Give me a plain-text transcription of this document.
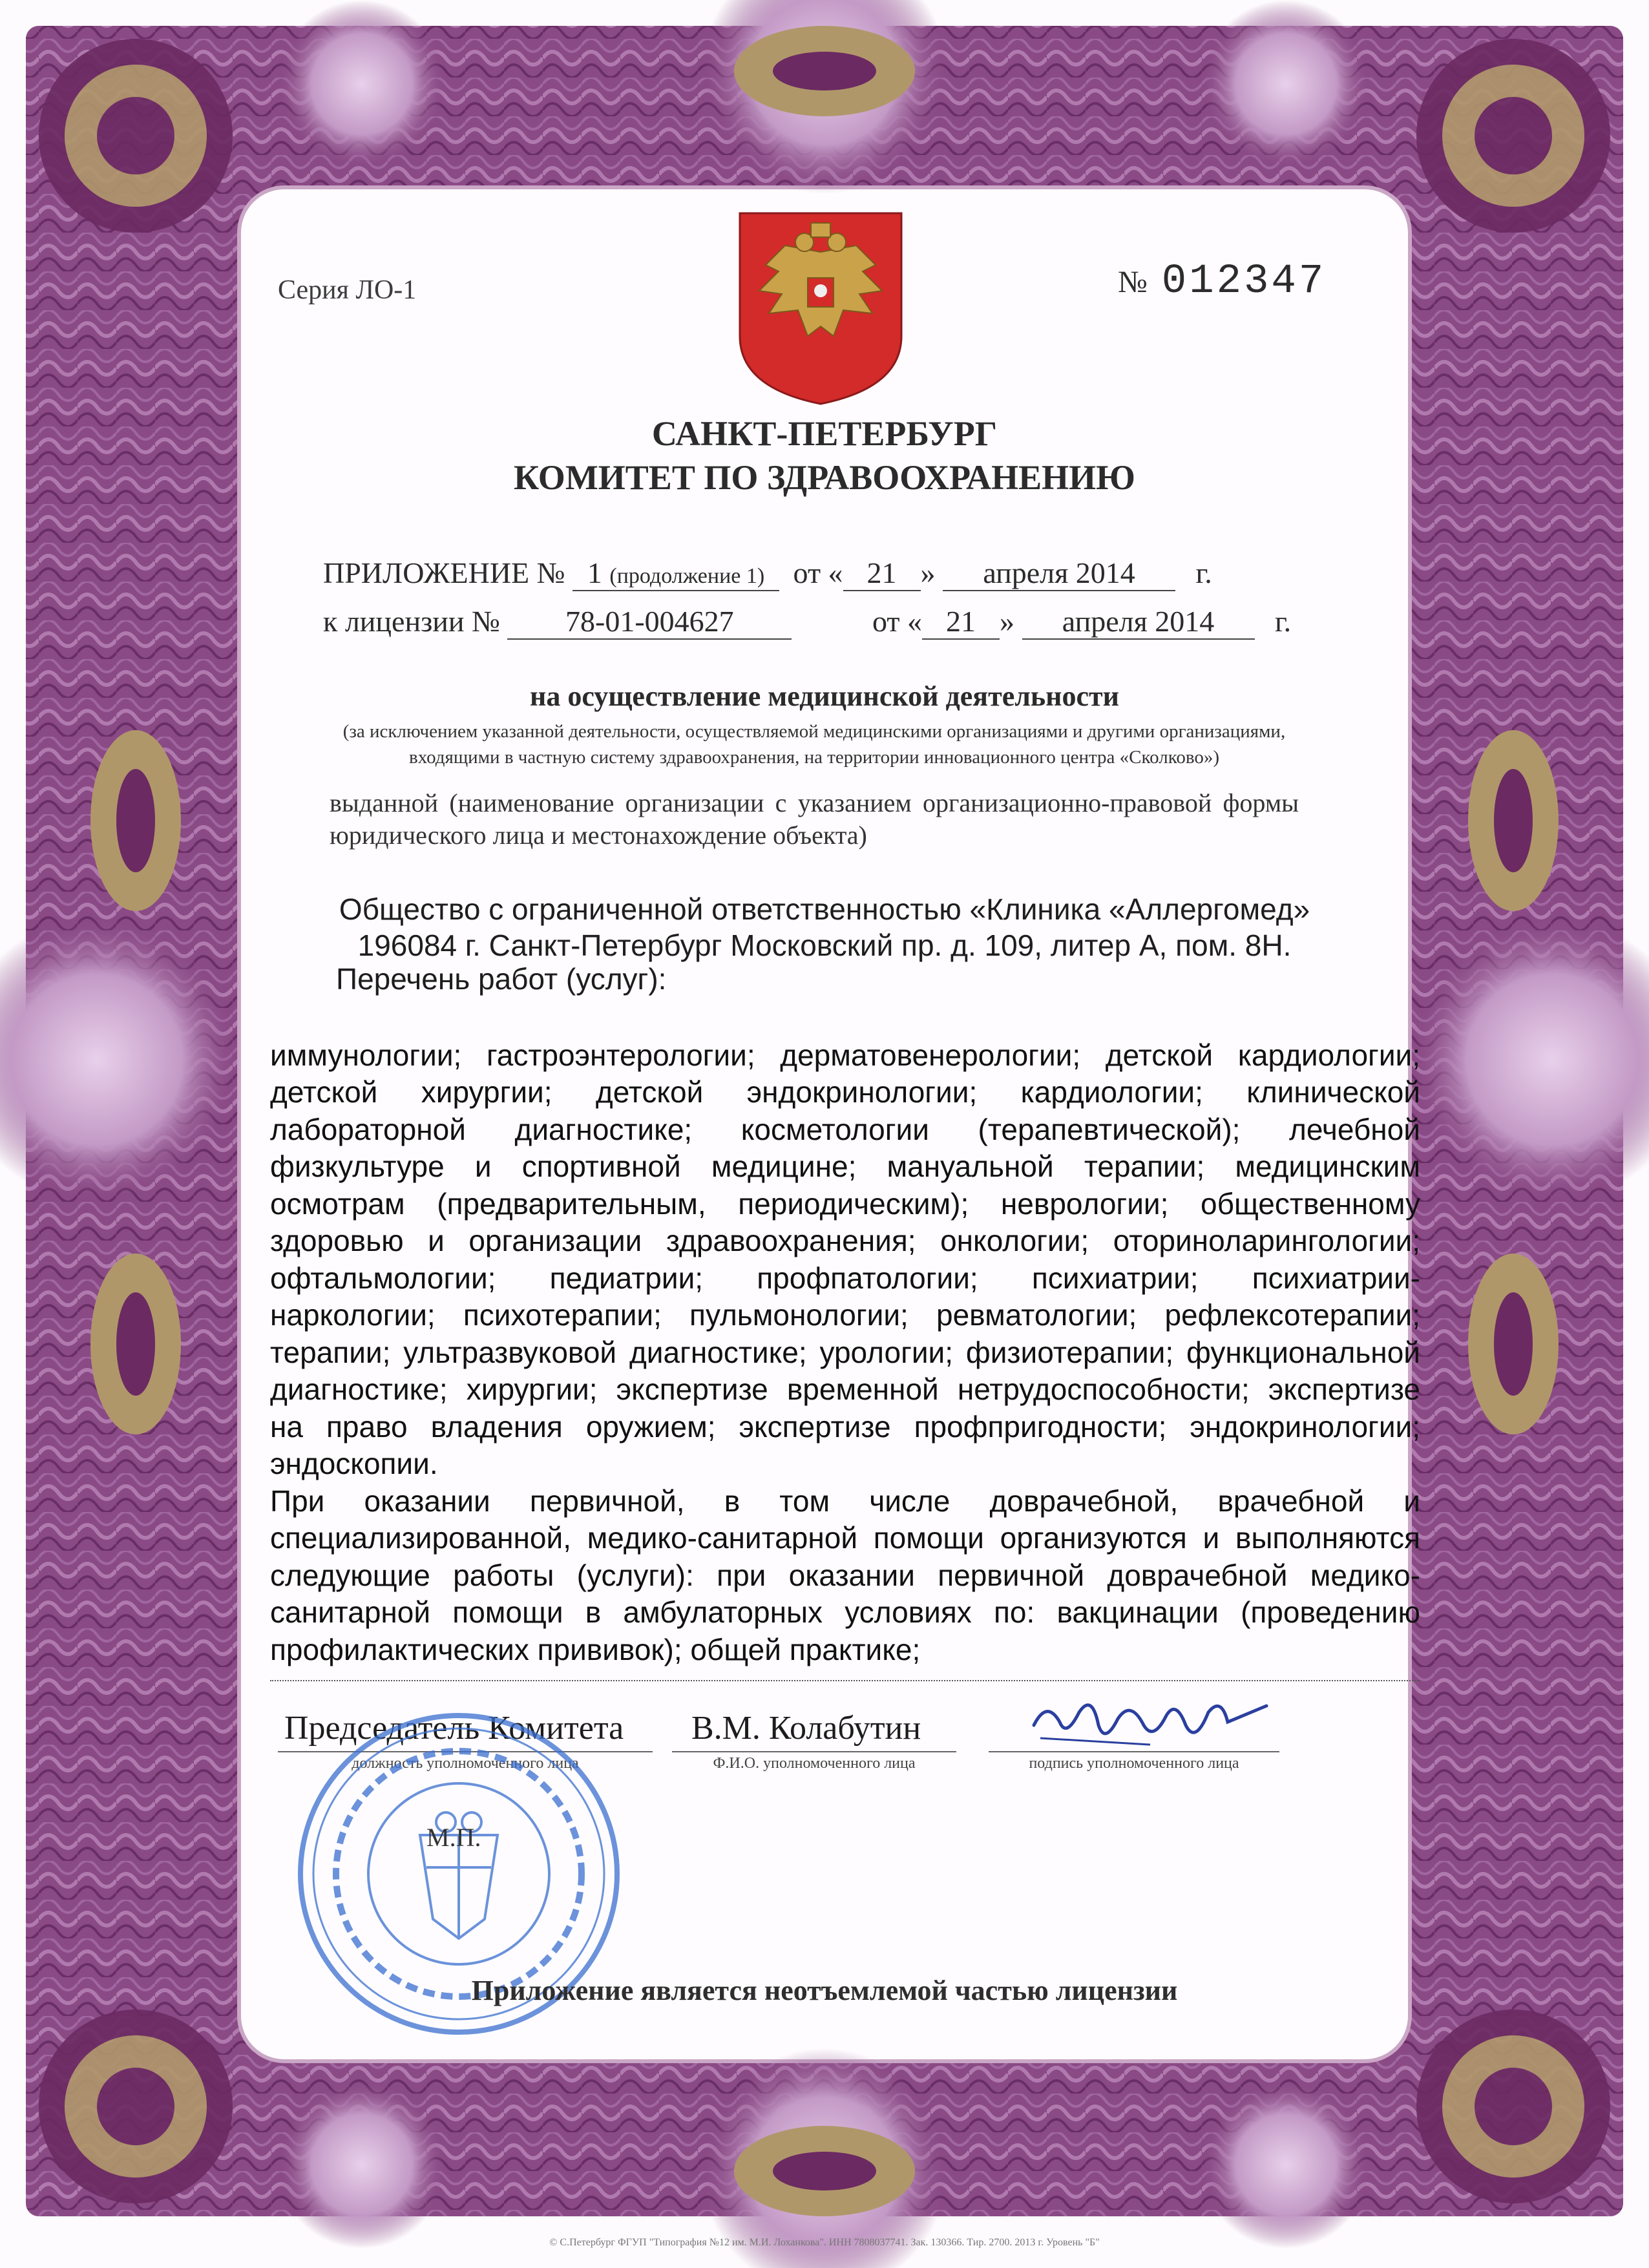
Серия ЛО-1	№ 012347
САНКТ-ПЕТЕРБУРГ
КОМИТЕТ ПО ЗДРАВООХРАНЕНИЮ
ПРИЛОЖЕНИЕ № 1 (продолжение 1) от « 21 » апреля 2014 г.
к лицензии № 78-01-004627	от « 21 » апреля 2014 г.
на осуществление медицинской деятельности
(за исключением указанной деятельности, осуществляемой медицинскими организациями и другими организациями, входящими в частную систему здравоохранения, на территории инновационного центра «Сколково»)
выданной (наименование организации с указанием организационно-правовой формы юридического лица и местонахождение объекта)
Общество с ограниченной ответственностью «Клиника «Аллергомед»
196084 г. Санкт-Петербург Московский пр. д. 109, литер А, пом. 8Н.
Перечень работ (услуг):
иммунологии; гастроэнтерологии; дерматовенерологии; детской кардиологии;
детской хирургии; детской эндокринологии; кардиологии; клинической
лабораторной диагностике; косметологии (терапевтической); лечебной
физкультуре и спортивной медицине; мануальной терапии; медицинским
осмотрам (предварительным, периодическим); неврологии; общественному
здоровью и организации здравоохранения; онкологии; оториноларингологии;
офтальмологии; педиатрии; профпатологии; психиатрии; психиатрии-
наркологии; психотерапии; пульмонологии; ревматологии; рефлексотерапии;
терапии; ультразвуковой диагностике; урологии; физиотерапии; функциональной
диагностике; хирургии; экспертизе временной нетрудоспособности; экспертизе
на право владения оружием; экспертизе профпригодности; эндокринологии;
эндоскопии.
При оказании первичной, в том числе доврачебной, врачебной и
специализированной, медико-санитарной помощи организуются и выполняются
следующие работы (услуги): при оказании первичной доврачебной медико-
санитарной помощи в амбулаторных условиях по: вакцинации (проведению
профилактических прививок); общей практике;
Председатель Комитета
должность уполномоченного лица
В.М. Колабутин
Ф.И.О. уполномоченного лица	подпись уполномоченного лица
М.П.
Приложение является неотъемлемой частью лицензии
© С.Петербург ФГУП "Типография №12 им. М.И. Лоханкова". ИНН 7808037741. Зак. 130366. Тир. 2700. 2013 г. Уровень "Б"
